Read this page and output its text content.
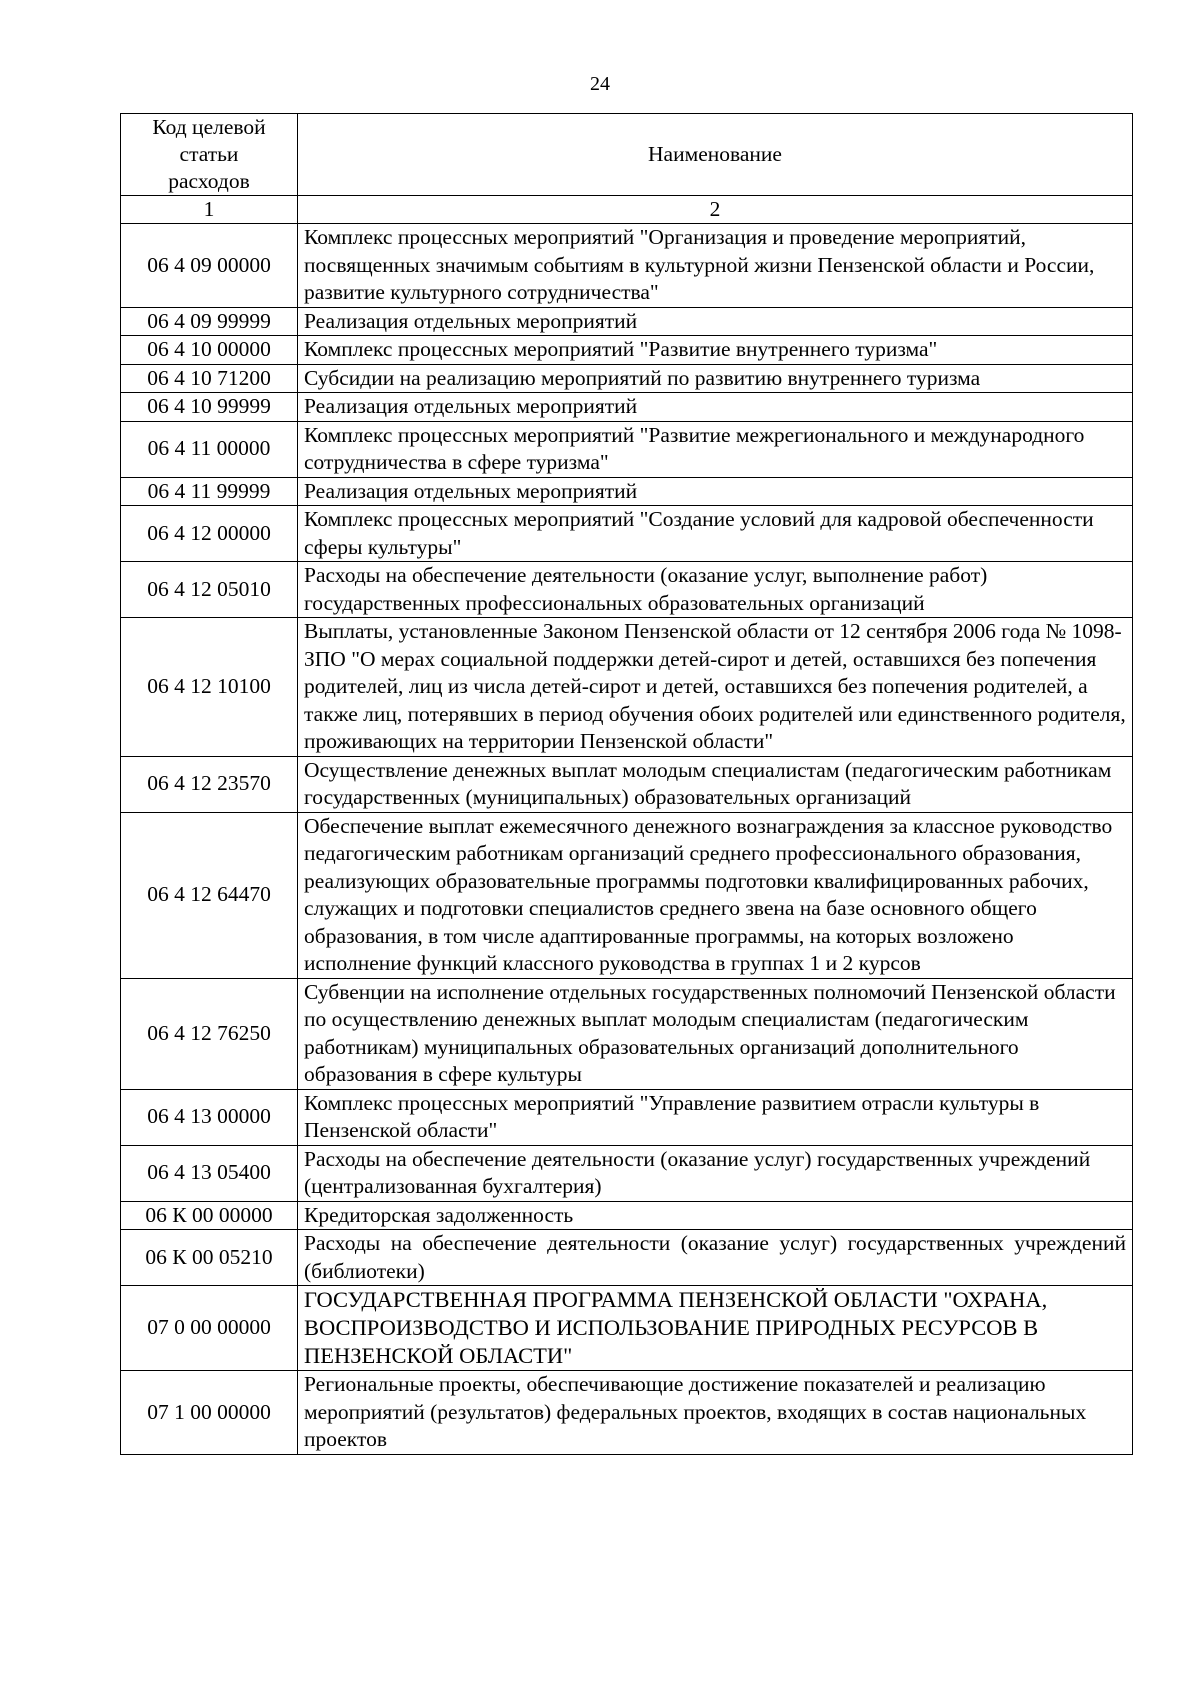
24
Код целевой
статьи
расходов	Наименование
1	2
06 4 09 00000	Комплекс процессных мероприятий "Организация и проведение мероприятий, посвященных значимым событиям в культурной жизни Пензенской области и России, развитие культурного сотрудничества"
06 4 09 99999	Реализация отдельных мероприятий
06 4 10 00000	Комплекс процессных мероприятий "Развитие внутреннего туризма"
06 4 10 71200	Субсидии на реализацию мероприятий по развитию внутреннего туризма
06 4 10 99999	Реализация отдельных мероприятий
06 4 11 00000	Комплекс процессных мероприятий "Развитие межрегионального и международного сотрудничества в сфере туризма"
06 4 11 99999	Реализация отдельных мероприятий
06 4 12 00000	Комплекс процессных мероприятий "Создание условий для кадровой обеспеченности сферы культуры"
06 4 12 05010	Расходы на обеспечение деятельности (оказание услуг, выполнение работ) государственных профессиональных образовательных организаций
06 4 12 10100	Выплаты, установленные Законом Пензенской области от 12 сентября 2006 года № 1098-ЗПО "О мерах социальной поддержки детей-сирот и детей, оставшихся без попечения родителей, лиц из числа детей-сирот и детей, оставшихся без попечения родителей, а также лиц, потерявших в период обучения обоих родителей или единственного родителя, проживающих на территории Пензенской области"
06 4 12 23570	Осуществление денежных выплат молодым специалистам (педагогическим работникам государственных (муниципальных) образовательных организаций
06 4 12 64470	Обеспечение выплат ежемесячного денежного вознаграждения за классное руководство педагогическим работникам организаций среднего профессионального образования, реализующих образовательные программы подготовки квалифицированных рабочих, служащих и подготовки специалистов среднего звена на базе основного общего образования, в том числе адаптированные программы, на которых возложено исполнение функций классного руководства в группах 1 и 2 курсов
06 4 12 76250	Субвенции на исполнение отдельных государственных полномочий Пензенской области по осуществлению денежных выплат молодым специалистам (педагогическим работникам) муниципальных образовательных организаций дополнительного образования в сфере культуры
06 4 13 00000	Комплекс процессных мероприятий "Управление развитием отрасли культуры в Пензенской области"
06 4 13 05400	Расходы на обеспечение деятельности (оказание услуг) государственных учреждений (централизованная бухгалтерия)
06 К 00 00000	Кредиторская задолженность
06 К 00 05210	Расходы на обеспечение деятельности (оказание услуг) государственных учреждений (библиотеки)
07 0 00 00000	ГОСУДАРСТВЕННАЯ ПРОГРАММА ПЕНЗЕНСКОЙ ОБЛАСТИ "ОХРАНА, ВОСПРОИЗВОДСТВО И ИСПОЛЬЗОВАНИЕ ПРИРОДНЫХ РЕСУРСОВ В ПЕНЗЕНСКОЙ ОБЛАСТИ"
07 1 00 00000	Региональные проекты, обеспечивающие достижение показателей и реализацию мероприятий (результатов) федеральных проектов, входящих в состав национальных проектов
